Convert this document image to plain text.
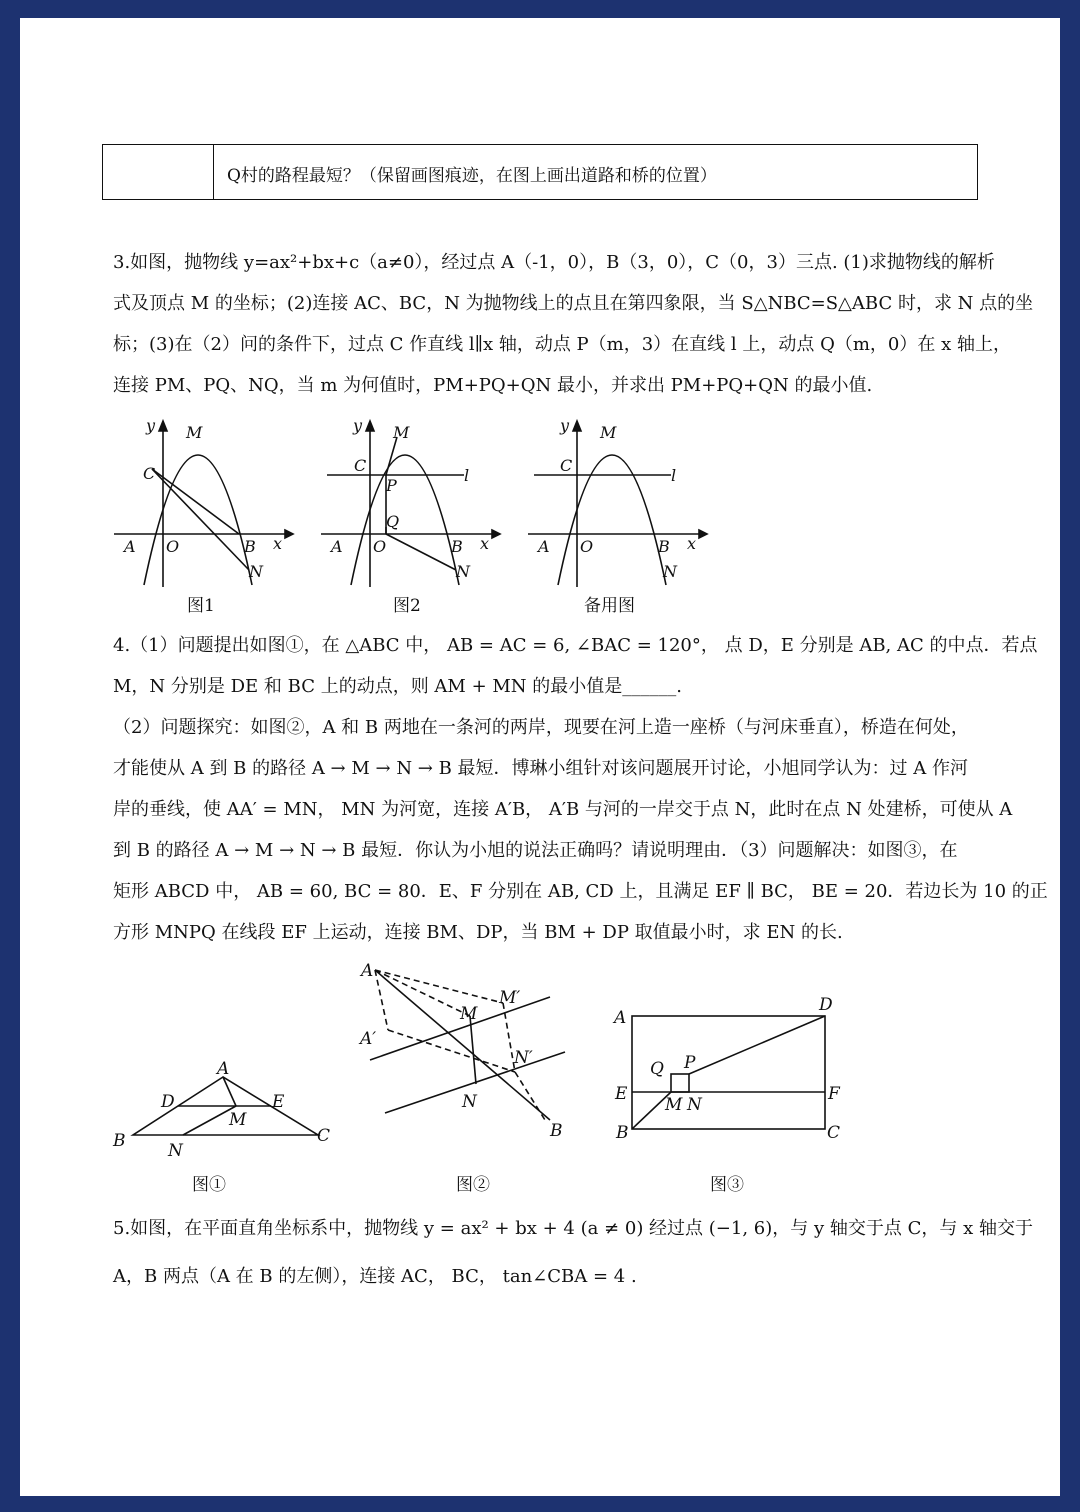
Q村的路程最短？（保留画图痕迹，在图上画出道路和桥的位置）
3.如图，抛物线 y=ax²+bx+c（a≠0），经过点 A（-1，0），B（3，0），C（0，3）三点. (1)求抛物线的解析
式及顶点 M 的坐标；(2)连接 AC、BC，N 为抛物线上的点且在第四象限，当 S△NBC=S△ABC 时，求 N 点的坐
标；(3)在（2）问的条件下，过点 C 作直线 l∥x 轴，动点 P（m，3）在直线 l 上，动点 Q（m，0）在 x 轴上，
连接 PM、PQ、NQ，当 m 为何值时，PM+PQ+QN 最小，并求出 PM+PQ+QN 的最小值.
y M
C
A O	B x
N
y M
C
l
P
Q
A O	B x
N
y M
C
l
A O	B x
N
图1	图2	备用图
4.（1）问题提出如图①，在 △ABC 中， AB = AC = 6, ∠BAC = 120°， 点 D，E 分别是 AB, AC 的中点．若点
M，N 分别是 DE 和 BC 上的动点，则 AM + MN 的最小值是______.
（2）问题探究：如图②，A 和 B 两地在一条河的两岸，现要在河上造一座桥（与河床垂直），桥造在何处，
才能使从 A 到 B 的路径 A → M → N → B 最短．博琳小组针对该问题展开讨论，小旭同学认为：过 A 作河
岸的垂线，使 AA′ = MN， MN 为河宽，连接 A′B， A′B 与河的一岸交于点 N，此时在点 N 处建桥，可使从 A
到 B 的路径 A → M → N → B 最短．你认为小旭的说法正确吗？请说明理由．（3）问题解决：如图③，在
矩形 ABCD 中， AB = 60, BC = 80．E、F 分别在 AB, CD 上，且满足 EF ∥ BC， BE = 20．若边长为 10 的正
方形 MNPQ 在线段 EF 上运动，连接 BM、DP，当 BM + DP 取值最小时，求 EN 的长.
A
D	E
M
B	N
C
A
A′
M
M′
N′
N
B
A
D
Q P
E	F
M N
B	C
图①	图②	图③
5.如图，在平面直角坐标系中，抛物线 y = ax² + bx + 4 (a ≠ 0) 经过点 (−1, 6)，与 y 轴交于点 C，与 x 轴交于
A，B 两点（A 在 B 的左侧），连接 AC， BC， tan∠CBA = 4 .
